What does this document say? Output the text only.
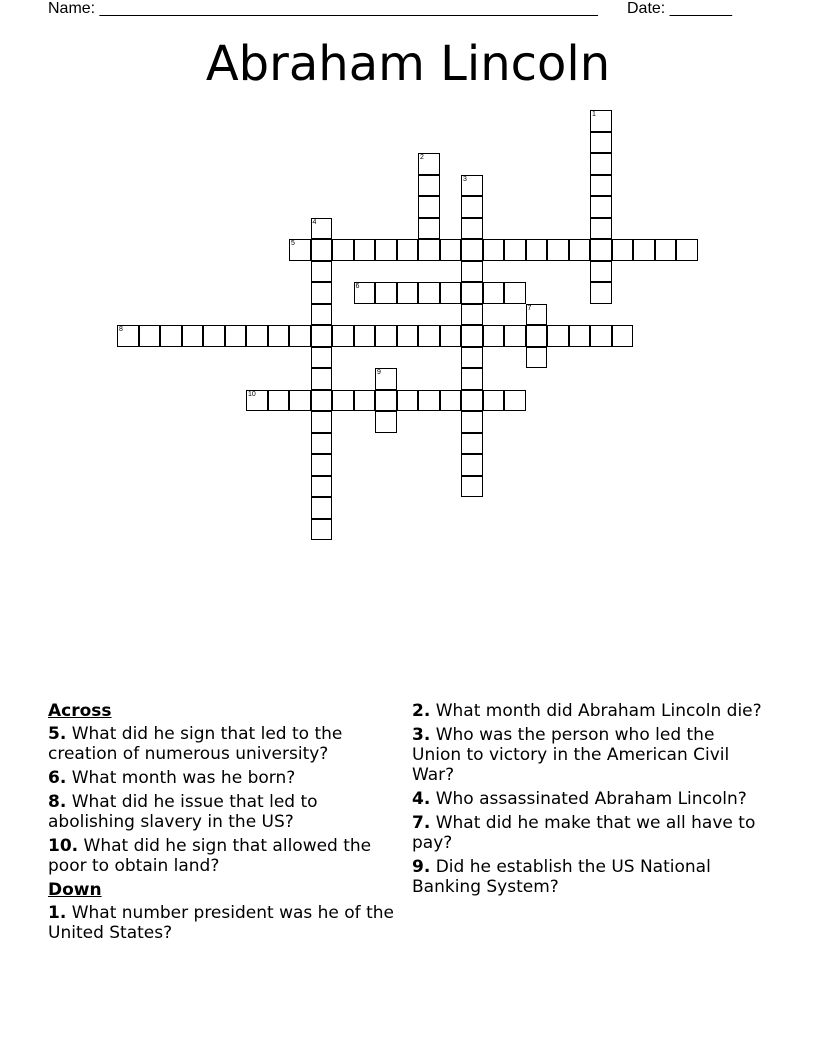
Name: ________________________________________________________ Date: _______
Abraham Lincoln
1
2
3
4
5
6
7
8
9
10
Across
5. What did he sign that led to the creation of numerous university?
6. What month was he born?
8. What did he issue that led to abolishing slavery in the US?
10. What did he sign that allowed the poor to obtain land?
Down
1. What number president was he of the United States?
2. What month did Abraham Lincoln die?
3. Who was the person who led the Union to victory in the American Civil War?
4. Who assassinated Abraham Lincoln?
7. What did he make that we all have to pay?
9. Did he establish the US National Banking System?
